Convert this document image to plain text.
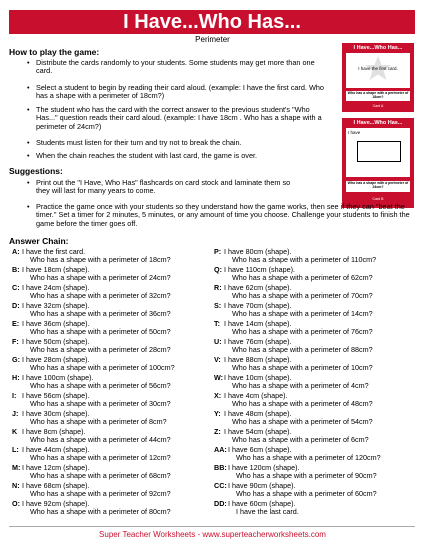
I Have...Who Has...
Perimeter
How to play the game:
• Distribute the cards randomly to your students. Some students may get more than one card.
• Select a student to begin by reading their card aloud. (example: I have the first card. Who has a shape with a perimeter of 18cm?)
• The student who has the card with the correct answer to the previous student's "Who Has..." question reads their card aloud. (example: I have 18cm . Who has a shape with a perimeter of 24cm?)
• Students must listen for their turn and try not to break the chain.
• When the chain reaches the student with last card, the game is over.
I Have...Who Has...
I have the first card.
Who has a shape with a perimeter of 18cm?
Card A
I Have...Who Has...
I have
Who has a shape with a perimeter of 24cm?
Card B
Suggestions:
• Print out the "I Have, Who Has" flashcards on card stock and laminate them so they will last for many years to come.
• Practice the game once with your students so they understand how the game works, then see if they can "beat the timer." Set a timer for 2 minutes, 5 minutes, or any amount of time you choose. Challenge your students to finish the game before the timer goes off.
Answer Chain:
A: I have the first card.
Who has a shape with a perimeter of 18cm?
B: I have 18cm (shape).
Who has a shape with a perimeter of 24cm?
C: I have 24cm (shape).
Who has a shape with a perimeter of 32cm?
D: I have 32cm (shape).
Who has a shape with a perimeter of 36cm?
E: I have 36cm (shape).
Who has a shape with a perimeter of 50cm?
F: I have 50cm (shape).
Who has a shape with a perimeter of 28cm?
G: I have 28cm (shape).
Who has a shape with a perimeter of 100cm?
H: I have 100cm (shape).
Who has a shape with a perimeter of 56cm?
I: I have 56cm (shape).
Who has a shape with a perimeter of 30cm?
J: I have 30cm (shape).
Who has a shape with a perimeter of 8cm?
K I have 8cm (shape).
Who has a shape with a perimeter of 44cm?
L: I have 44cm (shape).
Who has a shape with a perimeter of 12cm?
M: I have 12cm (shape).
Who has a shape with a perimeter of 68cm?
N: I have 68cm (shape).
Who has a shape with a perimeter of 92cm?
O: I have 92cm (shape).
Who has a shape with a perimeter of 80cm?
P: I have 80cm (shape).
Who has a shape with a perimeter of 110cm?
Q: I have 110cm (shape).
Who has a shape with a perimeter of 62cm?
R: I have 62cm (shape).
Who has a shape with a perimeter of 70cm?
S: I have 70cm (shape).
Who has a shape with a perimeter of 14cm?
T: I have 14cm (shape).
Who has a shape with a perimeter of 76cm?
U: I have 76cm (shape).
Who has a shape with a perimeter of 88cm?
V: I have 88cm (shape).
Who has a shape with a perimeter of 10cm?
W: I have 10cm (shape).
Who has a shape with a perimeter of 4cm?
X: I have 4cm (shape).
Who has a shape with a perimeter of 48cm?
Y: I have 48cm (shape).
Who has a shape with a perimeter of 54cm?
Z: I have 54cm (shape).
Who has a shape with a perimeter of 6cm?
AA: I have 6cm (shape).
Who has a shape with a perimeter of 120cm?
BB: I have 120cm (shape).
Who has a shape with a perimeter of 90cm?
CC: I have 90cm (shape).
Who has a shape with a perimeter of 60cm?
DD: I have 60cm (shape).
I have the last card.
Super Teacher Worksheets - www.superteacherworksheets.com
